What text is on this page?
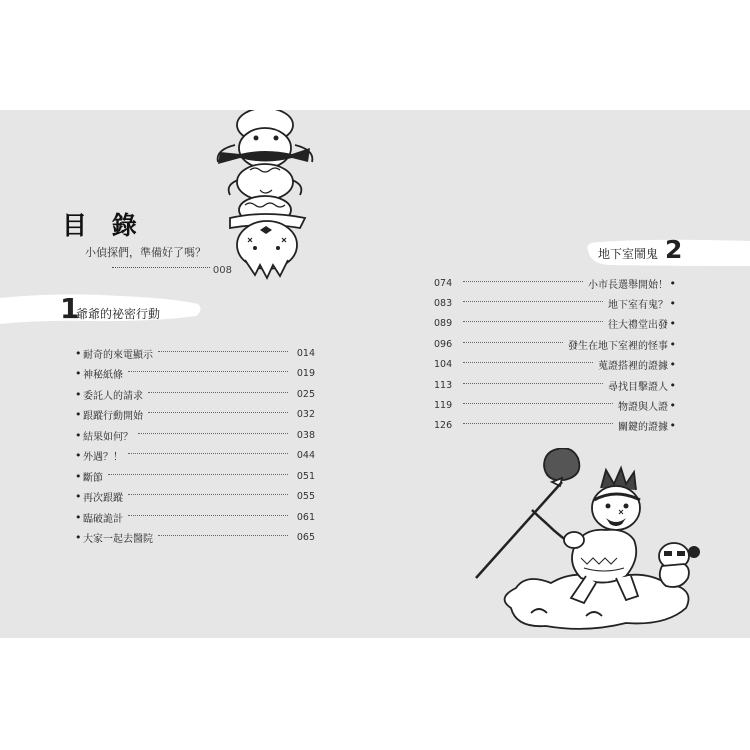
目 錄
小偵探們，準備好了嗎？
008
1
爺爺的祕密行動
地下室鬧鬼 2
• 耐奇的來電顯示	014
• 神秘紙條	019
• 委託人的請求	025
• 跟蹤行動開始	032
• 結果如何？	038
• 外遇？！	044
• 斷節	051
• 再次跟蹤	055
• 臨破詭計	061
• 大家一起去醫院	065
074	小市長選舉開始！ •
083	地下室有鬼？ •
089	往大禮堂出發 •
096	發生在地下室裡的怪事 •
104	蒐證搭裡的證據 •
113	尋找目擊證人 •
119	物證與人證 •
126	關鍵的證據 •
